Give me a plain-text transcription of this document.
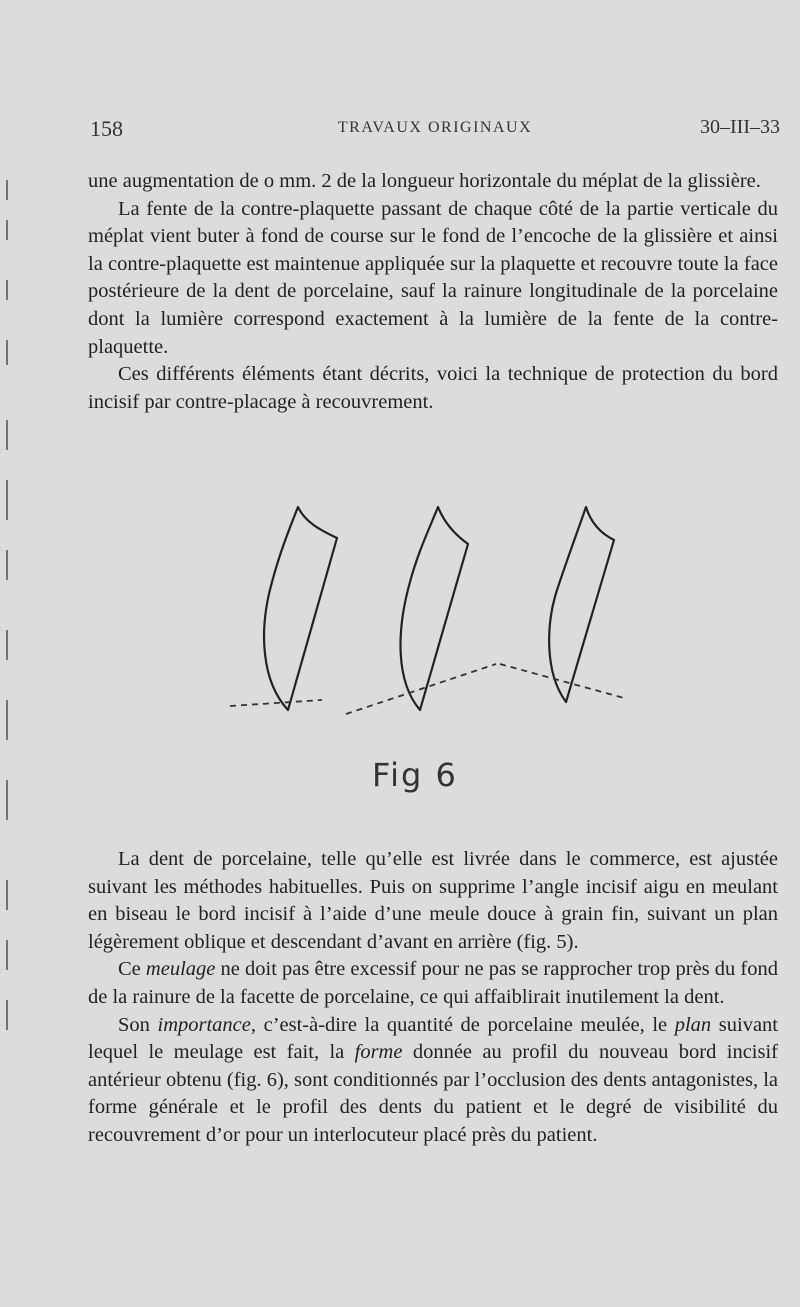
158	TRAVAUX ORIGINAUX	30–III–33

une augmentation de o mm. 2 de la longueur horizontale du méplat de la glissière.

La fente de la contre-plaquette passant de chaque côté de la partie verticale du méplat vient buter à fond de course sur le fond de l’encoche de la glissière et ainsi la contre-plaquette est maintenue appliquée sur la plaquette et recouvre toute la face postérieure de la dent de porcelaine, sauf la rainure longitudinale de la porcelaine dont la lumière correspond exactement à la lumière de la fente de la contre-plaquette.

Ces différents éléments étant décrits, voici la technique de protection du bord incisif par contre-placage à recouvrement.

Fig 6

La dent de porcelaine, telle qu’elle est livrée dans le commerce, est ajustée suivant les méthodes habituelles. Puis on supprime l’angle incisif aigu en meulant en biseau le bord incisif à l’aide d’une meule douce à grain fin, suivant un plan légèrement oblique et descendant d’avant en arrière (fig. 5).

Ce meulage ne doit pas être excessif pour ne pas se rapprocher trop près du fond de la rainure de la facette de porcelaine, ce qui affaiblirait inutilement la dent.

Son importance, c’est-à-dire la quantité de porcelaine meulée, le plan suivant lequel le meulage est fait, la forme donnée au profil du nouveau bord incisif antérieur obtenu (fig. 6), sont conditionnés par l’occlusion des dents antagonistes, la forme générale et le profil des dents du patient et le degré de visibilité du recouvrement d’or pour un interlocuteur placé près du patient.
